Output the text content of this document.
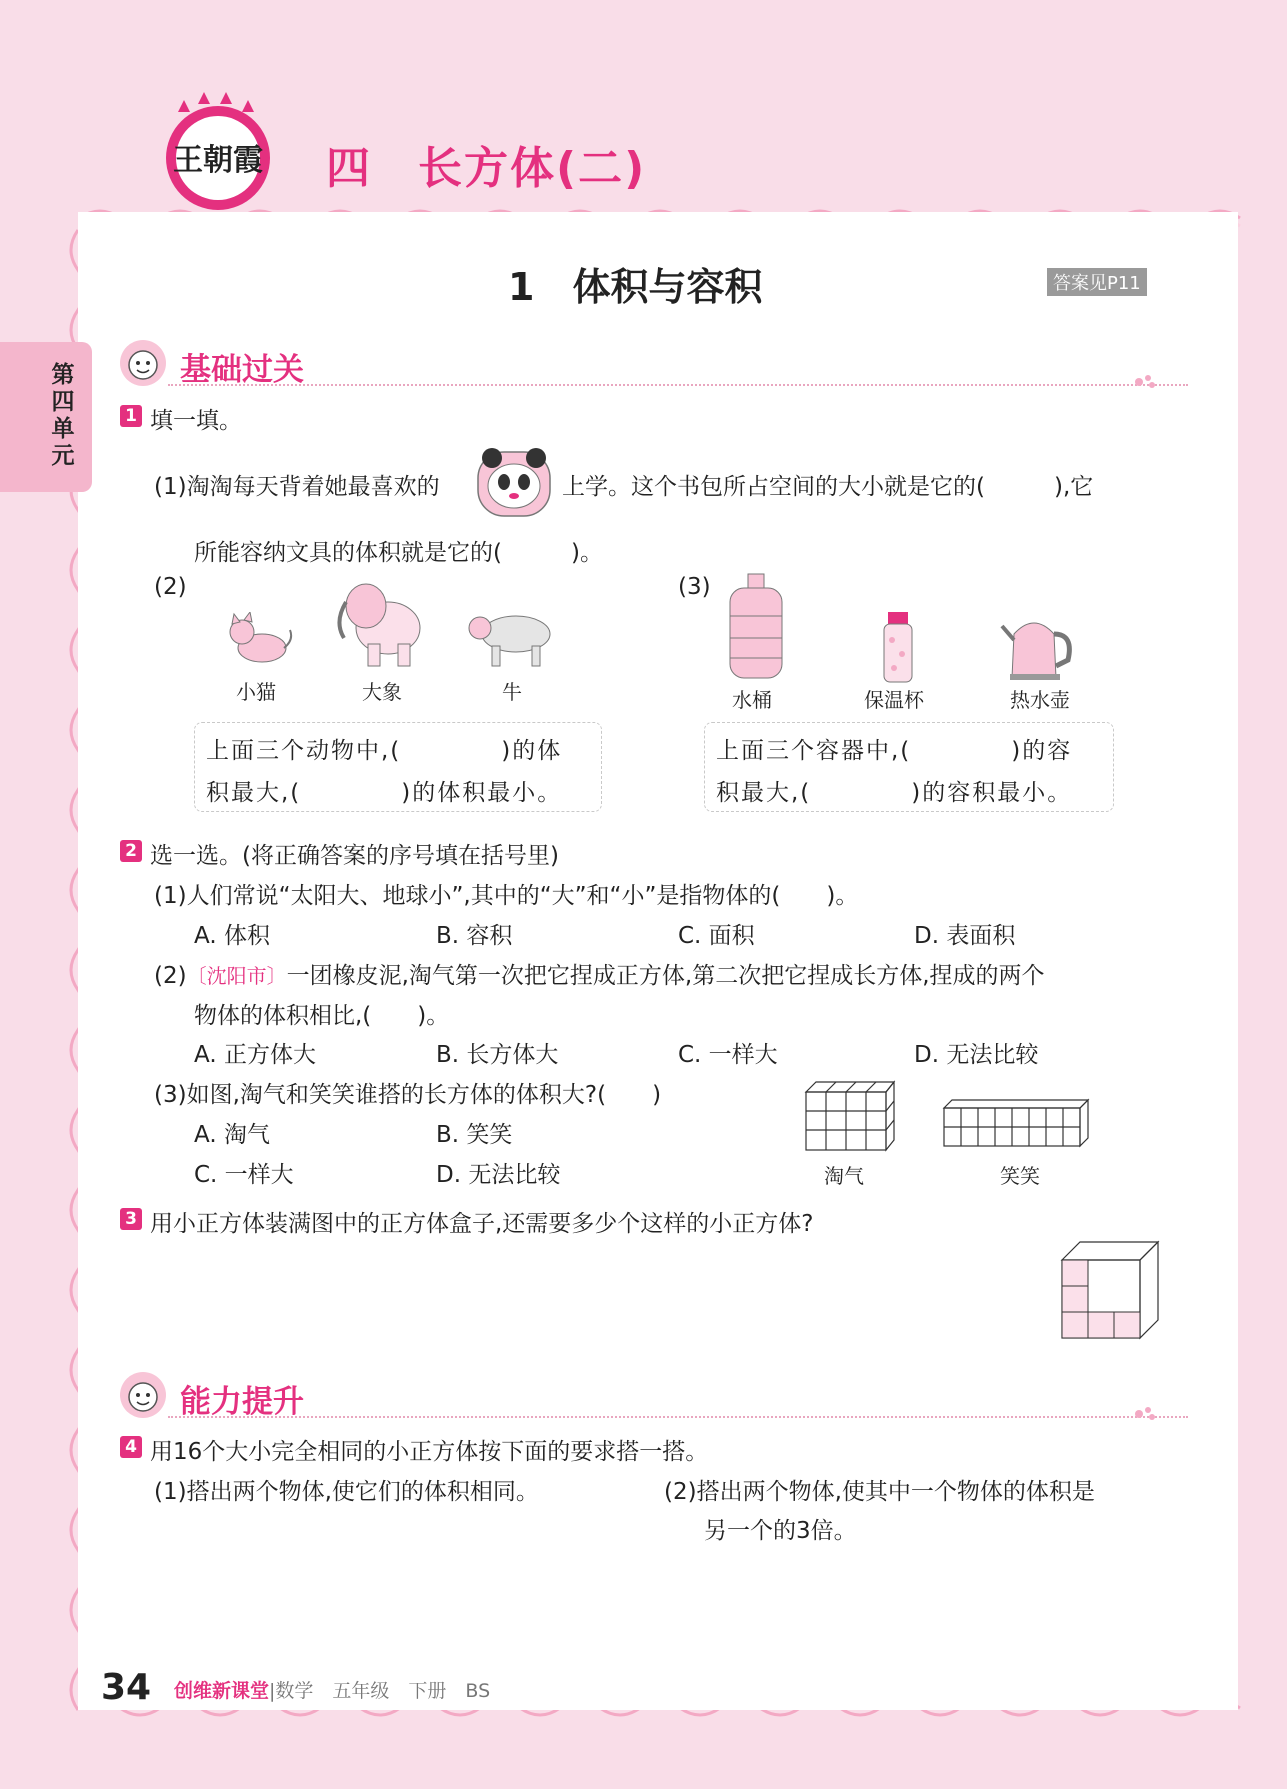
王朝霞 四　长方体(二)
1　体积与容积	答案见P11
第四单元
基础过关
1 填一填。
(1)淘淘每天背着她最喜欢的	上学。这个书包所占空间的大小就是它的(　　　),它
所能容纳文具的体积就是它的(　　　)。
(2)
小猫	大象	牛
上面三个动物中,(　　　　)的体
积最大,(　　　　)的体积最小。
(3)
水桶	保温杯	热水壶
上面三个容器中,(　　　　)的容
积最大,(　　　　)的容积最小。
2 选一选。(将正确答案的序号填在括号里)
(1)人们常说“太阳大、地球小”,其中的“大”和“小”是指物体的(　　)。
A. 体积	B. 容积	C. 面积	D. 表面积
(2)〔沈阳市〕一团橡皮泥,淘气第一次把它捏成正方体,第二次把它捏成长方体,捏成的两个
物体的体积相比,(　　)。
A. 正方体大	B. 长方体大	C. 一样大	D. 无法比较
(3)如图,淘气和笑笑谁搭的长方体的体积大?(　　)
A. 淘气	B. 笑笑
C. 一样大	D. 无法比较	淘气	笑笑
3 用小正方体装满图中的正方体盒子,还需要多少个这样的小正方体?
能力提升
4 用16个大小完全相同的小正方体按下面的要求搭一搭。
(1)搭出两个物体,使它们的体积相同。	(2)搭出两个物体,使其中一个物体的体积是
另一个的3倍。
34 创维新课堂|数学　五年级　下册　BS
